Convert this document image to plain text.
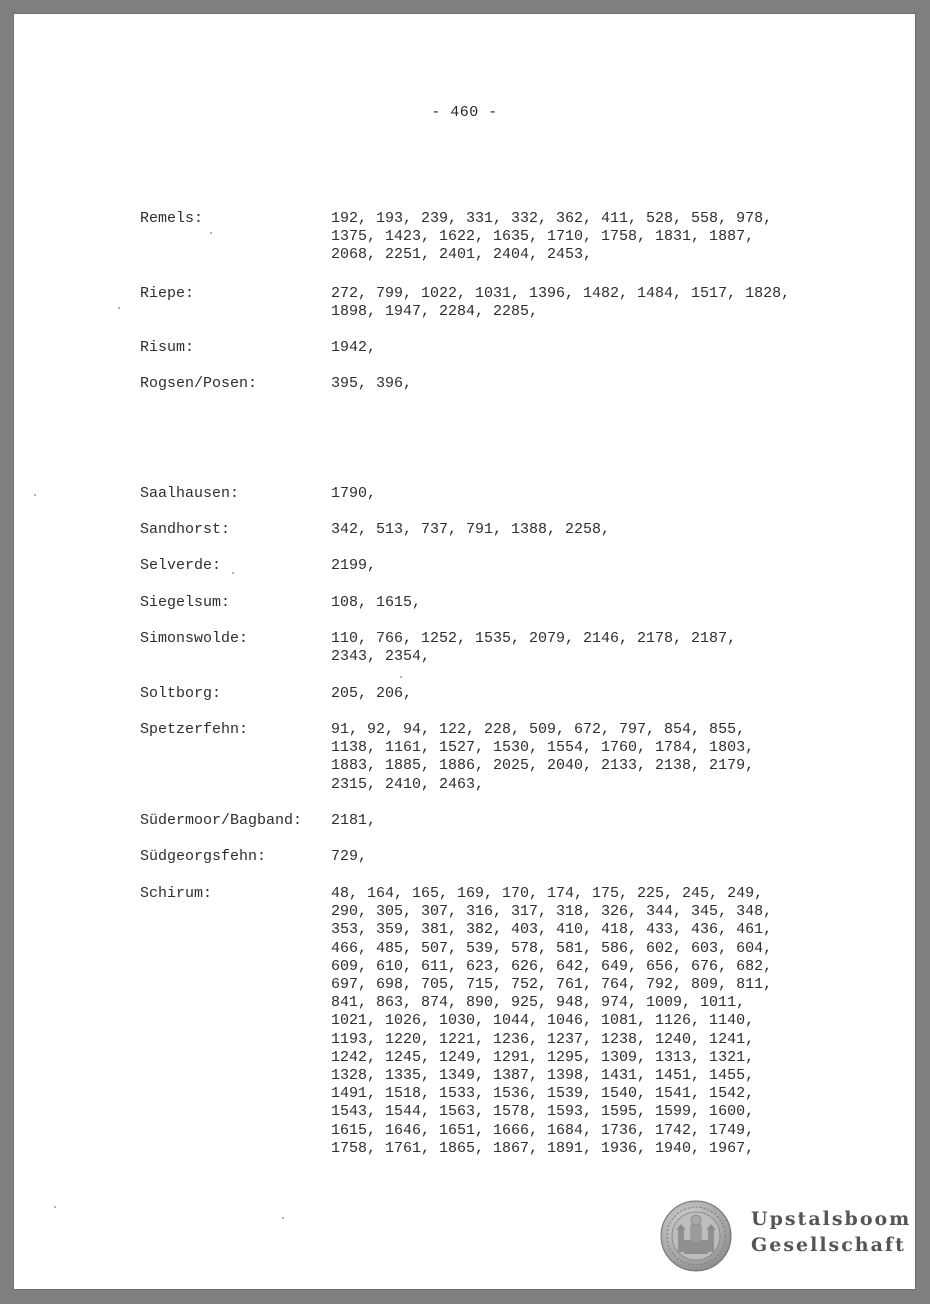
- 460 -
Remels:	192, 193, 239, 331, 332, 362, 411, 528, 558, 978,
1375, 1423, 1622, 1635, 1710, 1758, 1831, 1887,
2068, 2251, 2401, 2404, 2453,
Riepe:	272, 799, 1022, 1031, 1396, 1482, 1484, 1517, 1828,
1898, 1947, 2284, 2285,
Risum:	1942,
Rogsen/Posen:	395, 396,
Saalhausen:	1790,
Sandhorst:	342, 513, 737, 791, 1388, 2258,
Selverde:	2199,
Siegelsum:	108, 1615,
Simonswolde:	110, 766, 1252, 1535, 2079, 2146, 2178, 2187,
2343, 2354,
Soltborg:	205, 206,
Spetzerfehn:	91, 92, 94, 122, 228, 509, 672, 797, 854, 855,
1138, 1161, 1527, 1530, 1554, 1760, 1784, 1803,
1883, 1885, 1886, 2025, 2040, 2133, 2138, 2179,
2315, 2410, 2463,
Südermoor/Bagband: 2181,
Südgeorgsfehn:	729,
Schirum:	48, 164, 165, 169, 170, 174, 175, 225, 245, 249,
290, 305, 307, 316, 317, 318, 326, 344, 345, 348,
353, 359, 381, 382, 403, 410, 418, 433, 436, 461,
466, 485, 507, 539, 578, 581, 586, 602, 603, 604,
609, 610, 611, 623, 626, 642, 649, 656, 676, 682,
697, 698, 705, 715, 752, 761, 764, 792, 809, 811,
841, 863, 874, 890, 925, 948, 974, 1009, 1011,
1021, 1026, 1030, 1044, 1046, 1081, 1126, 1140,
1193, 1220, 1221, 1236, 1237, 1238, 1240, 1241,
1242, 1245, 1249, 1291, 1295, 1309, 1313, 1321,
1328, 1335, 1349, 1387, 1398, 1431, 1451, 1455,
1491, 1518, 1533, 1536, 1539, 1540, 1541, 1542,
1543, 1544, 1563, 1578, 1593, 1595, 1599, 1600,
1615, 1646, 1651, 1666, 1684, 1736, 1742, 1749,
1758, 1761, 1865, 1867, 1891, 1936, 1940, 1967,
Upstalsboom
Gesellschaft
